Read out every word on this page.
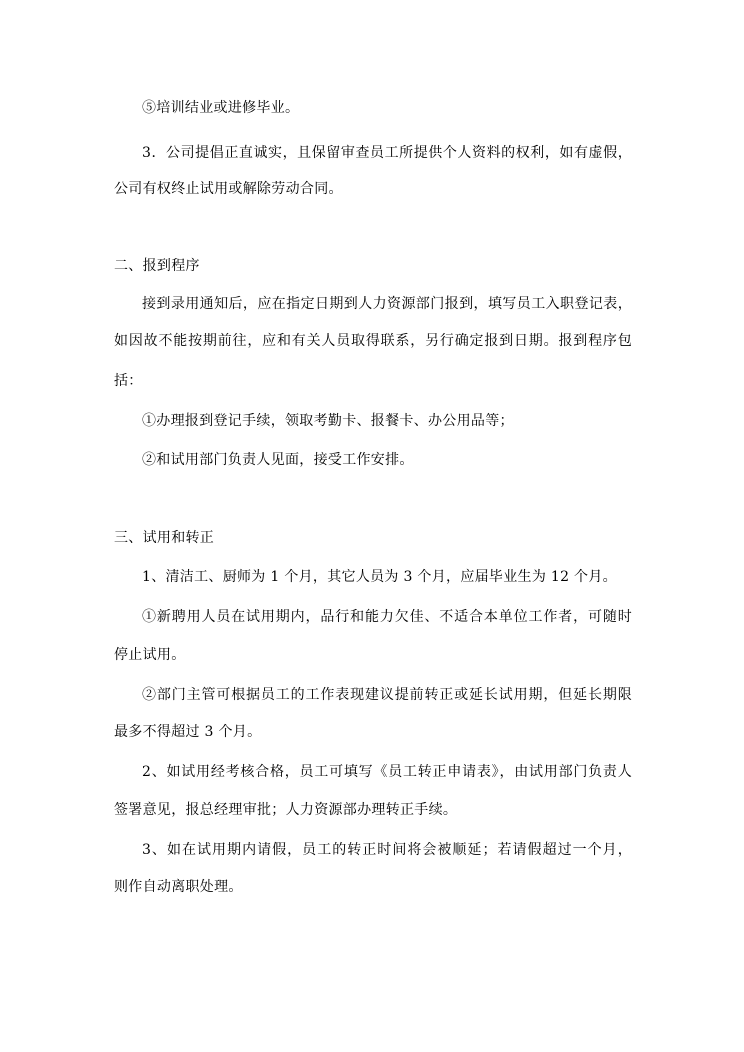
⑤培训结业或进修毕业。
3．公司提倡正直诚实，且保留审查员工所提供个人资料的权利，如有虚假，
公司有权终止试用或解除劳动合同。
二、报到程序
接到录用通知后，应在指定日期到人力资源部门报到，填写员工入职登记表，
如因故不能按期前往，应和有关人员取得联系，另行确定报到日期。报到程序包
括：
①办理报到登记手续，领取考勤卡、报餐卡、办公用品等；
②和试用部门负责人见面，接受工作安排。
三、试用和转正
1、清洁工、厨师为 1 个月，其它人员为 3 个月，应届毕业生为 12 个月。
①新聘用人员在试用期内，品行和能力欠佳、不适合本单位工作者，可随时
停止试用。
②部门主管可根据员工的工作表现建议提前转正或延长试用期，但延长期限
最多不得超过 3 个月。
2、如试用经考核合格，员工可填写《员工转正申请表》，由试用部门负责人
签署意见，报总经理审批；人力资源部办理转正手续。
3、如在试用期内请假，员工的转正时间将会被顺延；若请假超过一个月，
则作自动离职处理。
